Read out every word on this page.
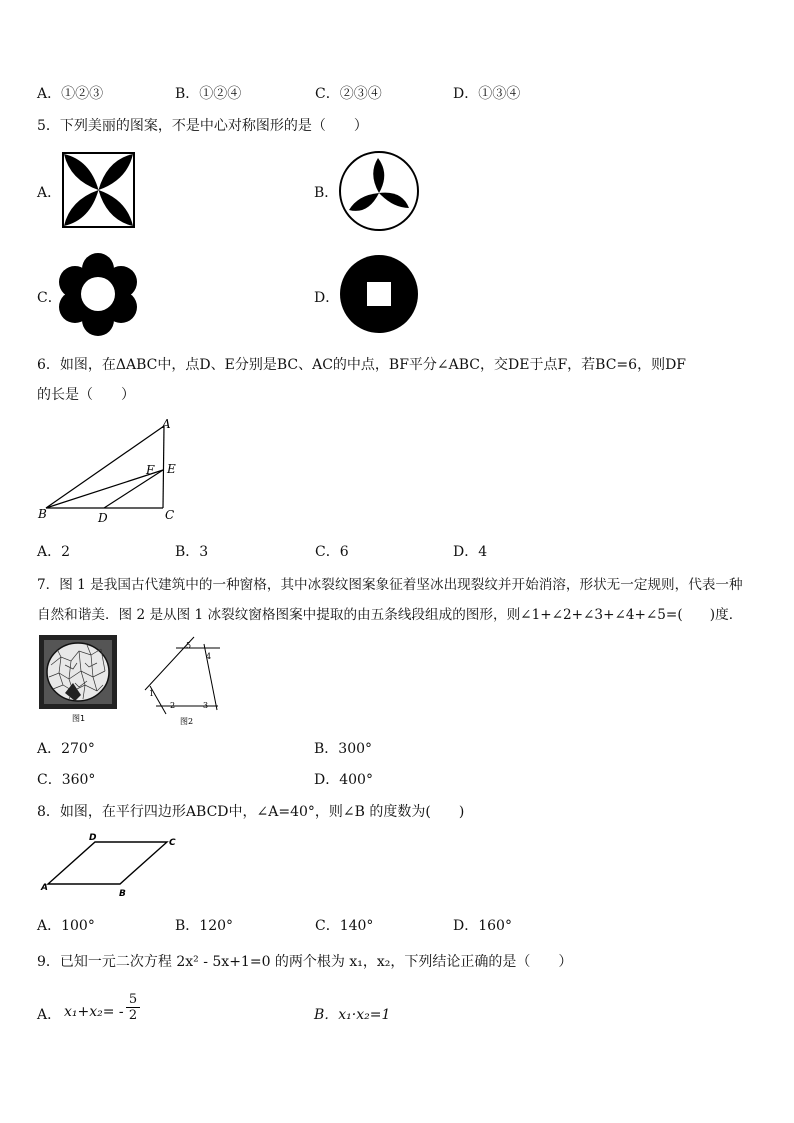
A．①②③	B．①②④	C．②③④	D．①③④
5．下列美丽的图案，不是中心对称图形的是（　　）
A．	B．
C．	D．
6．如图，在ΔABC中，点D、E分别是BC、AC的中点，BF平分∠ABC，交DE于点F，若BC=6，则DF
的长是（　　）
A
B	C
D
E
F
A．2	B．3	C．6	D．4
7．图 1 是我国古代建筑中的一种窗格，其中冰裂纹图案象征着坚冰出现裂纹并开始消溶，形状无一定规则，代表一种
自然和谐美．图 2 是从图 1 冰裂纹窗格图案中提取的由五条线段组成的图形，则∠1+∠2+∠3+∠4+∠5=(　　)度．
图1
1
2	3
4
5
图2
A．270°	B．300°
C．360°	D．400°
8．如图，在平行四边形ABCD中，∠A=40°，则∠B 的度数为(　　)
A
B
C
D
A．100°	B．120°	C．140°	D．160°
9．已知一元二次方程 2x² - 5x+1=0 的两个根为 x₁，x₂，下列结论正确的是（　　）
A． $x_1+x_2= - \frac{5}{2}$	B．x₁·x₂=1
